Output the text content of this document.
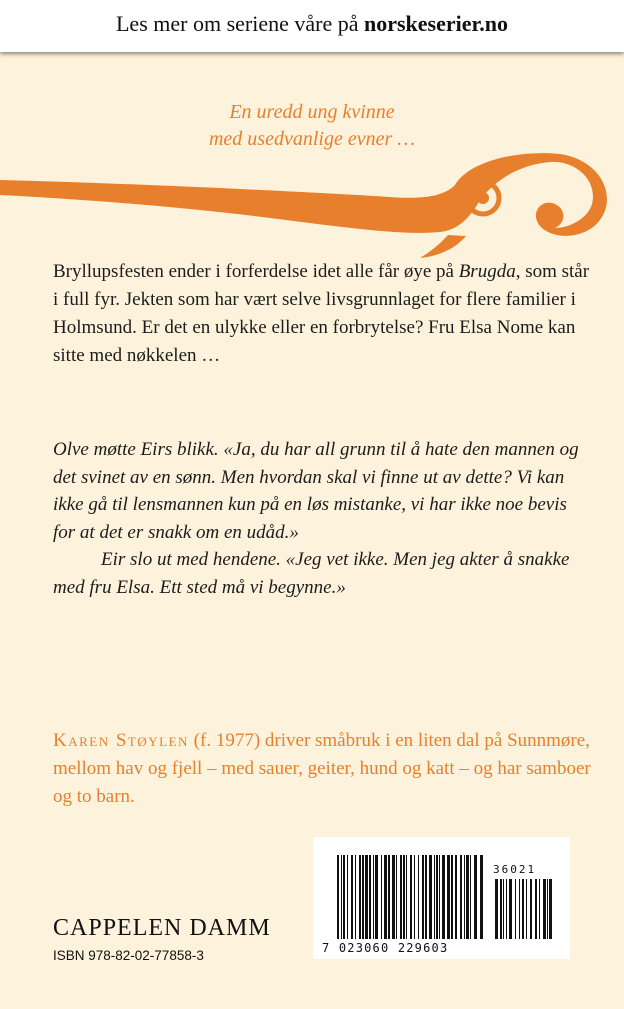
Les mer om seriene våre på norskeserier.no
En uredd ung kvinne
med usedvanlige evner …

Bryllupsfesten ender i forferdelse idet alle får øye på Brugda, som står i full fyr. Jekten som har vært selve livsgrunnlaget for flere familier i Holmsund. Er det en ulykke eller en forbrytelse? Fru Elsa Nome kan sitte med nøkkelen …

Olve møtte Eirs blikk. «Ja, du har all grunn til å hate den mannen og det svinet av en sønn. Men hvordan skal vi finne ut av dette? Vi kan ikke gå til lensmannen kun på en løs mistanke, vi har ikke noe bevis for at det er snakk om en udåd.»

Eir slo ut med hendene. «Jeg vet ikke. Men jeg akter å snakke med fru Elsa. Ett sted må vi begynne.»

Karen Støylen (f. 1977) driver småbruk i en liten dal på Sunnmøre, mellom hav og fjell – med sauer, geiter, hund og katt – og har samboer og to barn.
CAPPELEN DAMM
ISBN 978-82-02-77858-3
36021
7 023060 229603
